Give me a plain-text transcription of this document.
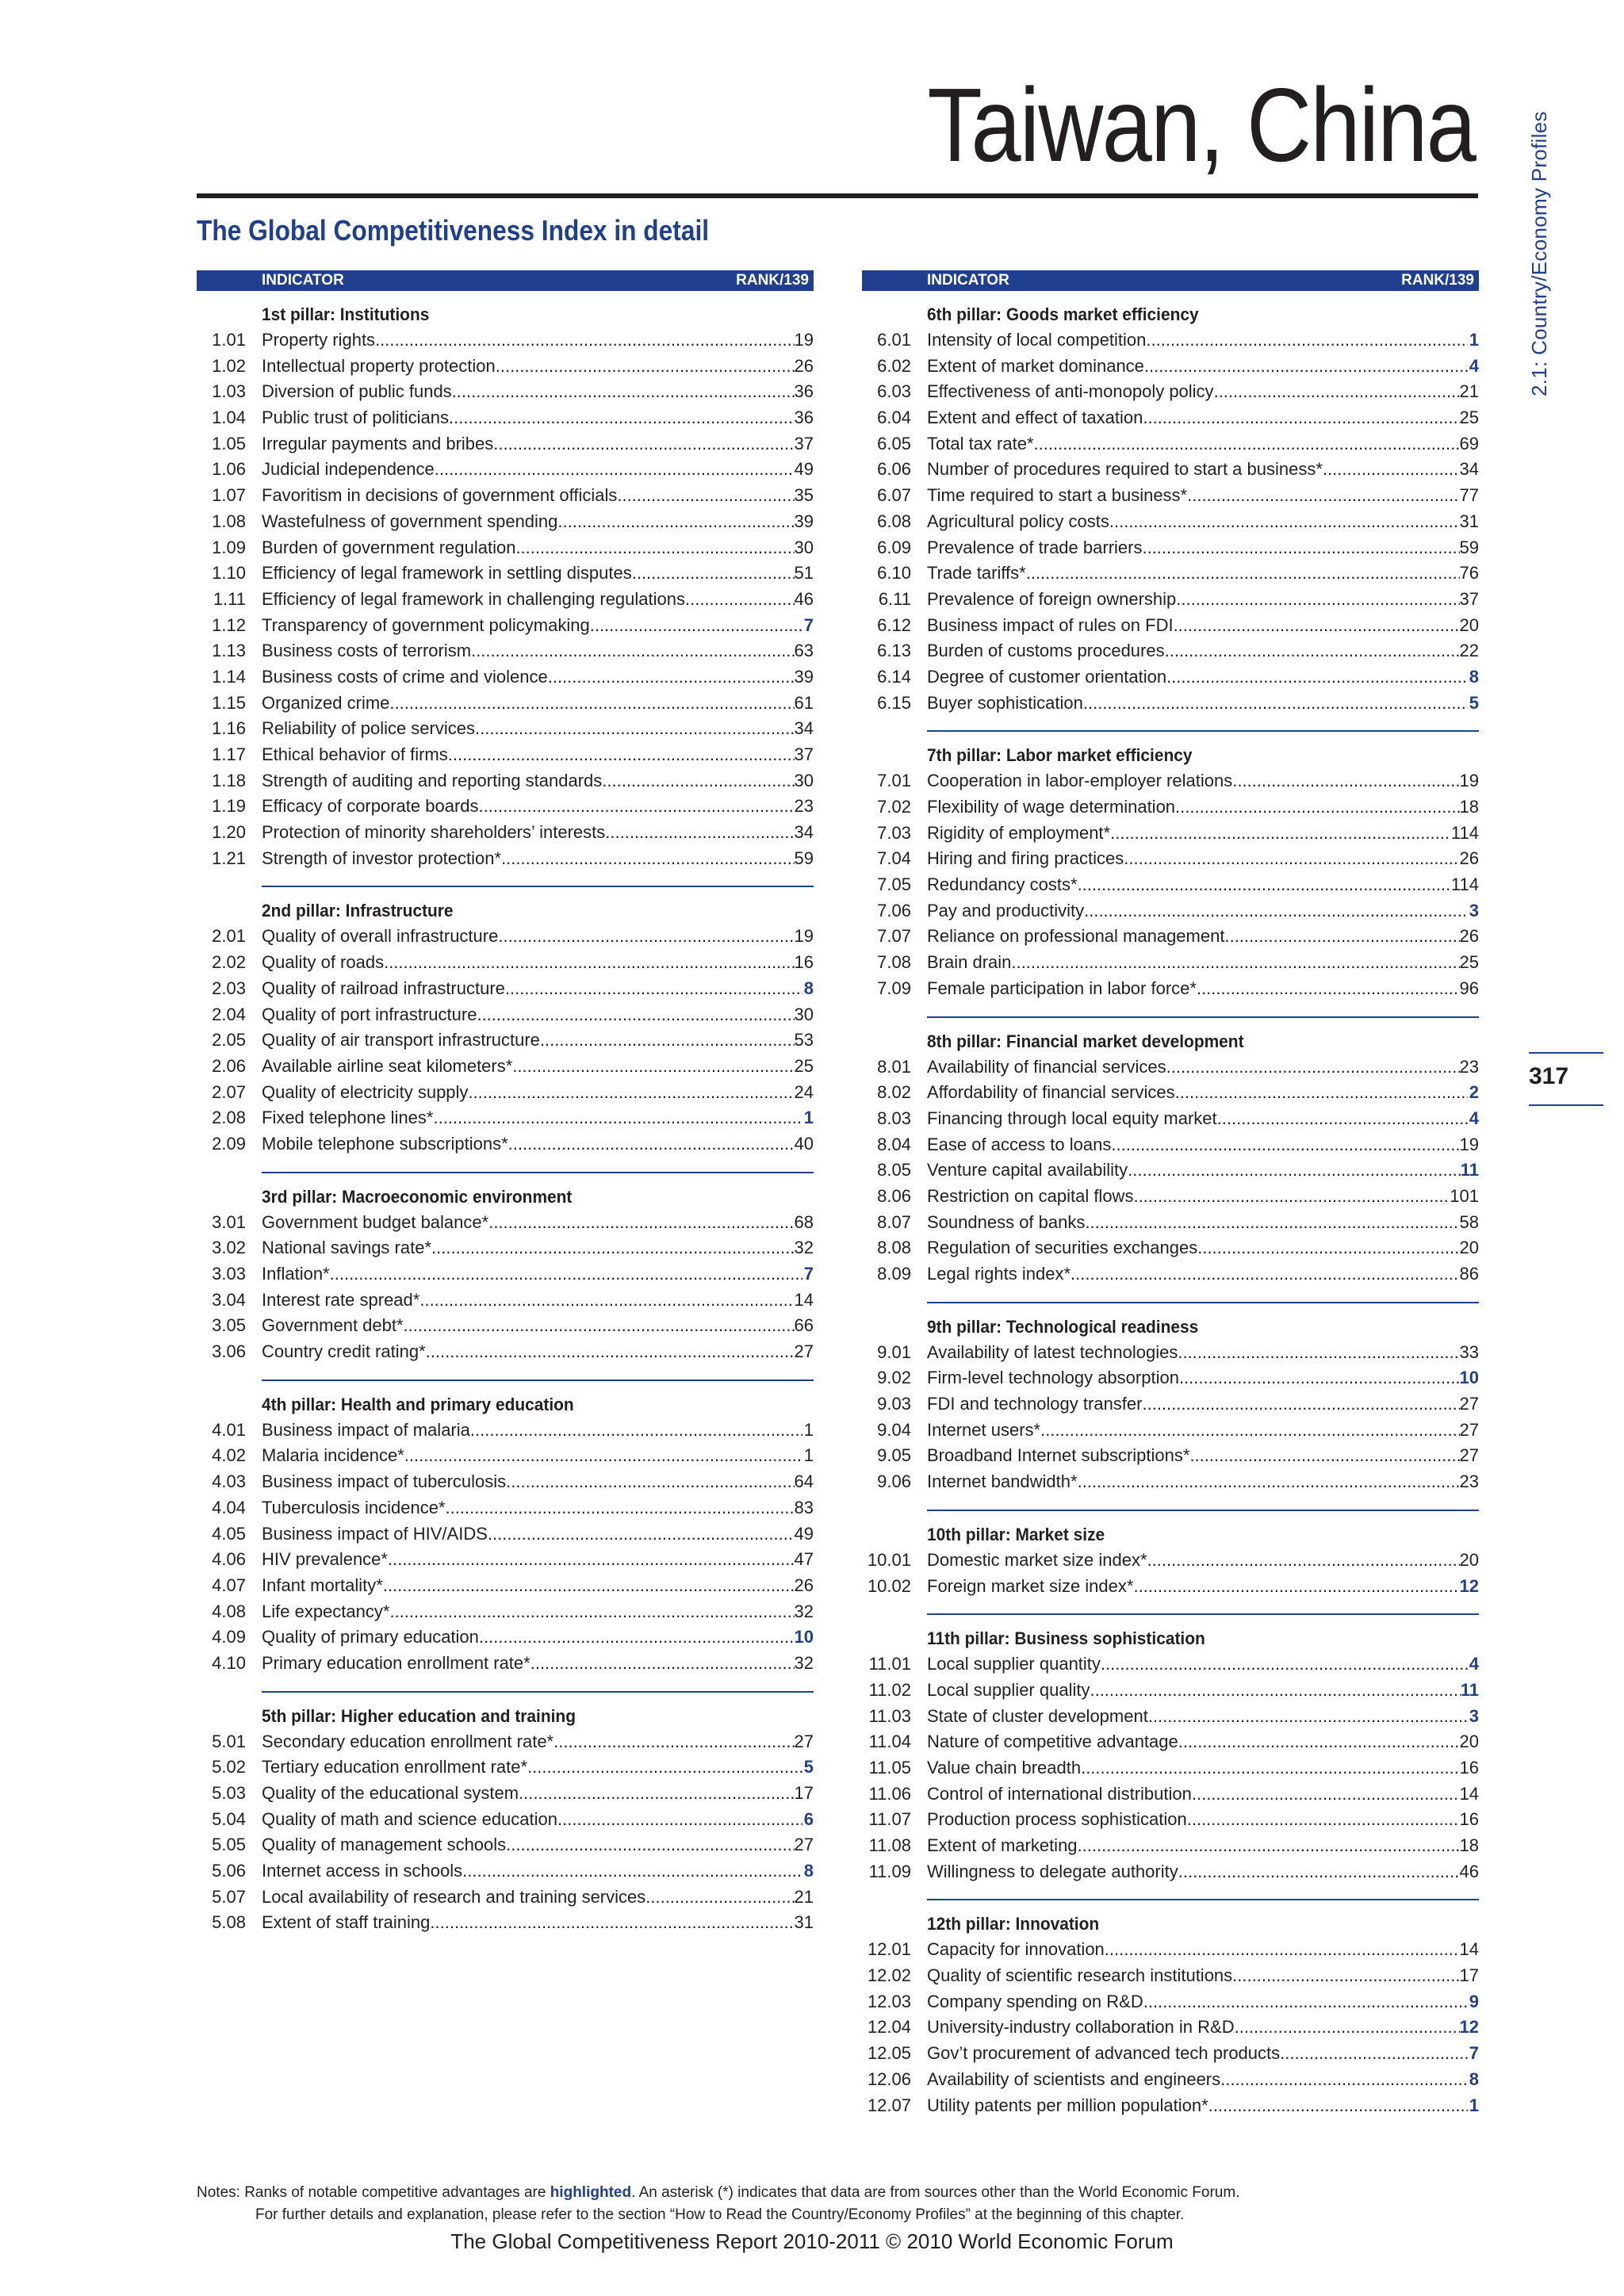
Taiwan, China
The Global Competitiveness Index in detail	2.1: Country/Economy Profiles
317
INDICATOR	RANK/139
1st pillar: Institutions
1.01 Property rights .....	19
1.02 Intellectual property protection .....	26
1.03 Diversion of public funds .....	36
1.04 Public trust of politicians .....	36
1.05 Irregular payments and bribes .....	37
1.06 Judicial independence .....	49
1.07 Favoritism in decisions of government officials .....	35
1.08 Wastefulness of government spending .....	39
1.09 Burden of government regulation .....	30
1.10 Efficiency of legal framework in settling disputes .....	51
1.11 Efficiency of legal framework in challenging regulations .....	46
1.12 Transparency of government policymaking .....	7
1.13 Business costs of terrorism .....	63
1.14 Business costs of crime and violence .....	39
1.15 Organized crime .....	61
1.16 Reliability of police services .....	34
1.17 Ethical behavior of firms .....	37
1.18 Strength of auditing and reporting standards .....	30
1.19 Efficacy of corporate boards .....	23
1.20 Protection of minority shareholders’ interests .....	34
1.21 Strength of investor protection* .....	59
2nd pillar: Infrastructure
2.01 Quality of overall infrastructure .....	19
2.02 Quality of roads .....	16
2.03 Quality of railroad infrastructure .....	8
2.04 Quality of port infrastructure .....	30
2.05 Quality of air transport infrastructure .....	53
2.06 Available airline seat kilometers* .....	25
2.07 Quality of electricity supply .....	24
2.08 Fixed telephone lines* .....	1
2.09 Mobile telephone subscriptions* .....	40
3rd pillar: Macroeconomic environment
3.01 Government budget balance* .....	68
3.02 National savings rate* .....	32
3.03 Inflation* .....	7
3.04 Interest rate spread* .....	14
3.05 Government debt* .....	66
3.06 Country credit rating* .....	27
4th pillar: Health and primary education
4.01 Business impact of malaria .....	1
4.02 Malaria incidence* .....	1
4.03 Business impact of tuberculosis .....	64
4.04 Tuberculosis incidence* .....	83
4.05 Business impact of HIV/AIDS .....	49
4.06 HIV prevalence* .....	47
4.07 Infant mortality* .....	26
4.08 Life expectancy* .....	32
4.09 Quality of primary education .....	10
4.10 Primary education enrollment rate* .....	32
5th pillar: Higher education and training
5.01 Secondary education enrollment rate* .....	27
5.02 Tertiary education enrollment rate* .....	5
5.03 Quality of the educational system .....	17
5.04 Quality of math and science education .....	6
5.05 Quality of management schools .....	27
5.06 Internet access in schools .....	8
5.07 Local availability of research and training services .....	21
5.08 Extent of staff training .....	31
INDICATOR	RANK/139
6th pillar: Goods market efficiency
6.01 Intensity of local competition .....	1
6.02 Extent of market dominance .....	4
6.03 Effectiveness of anti-monopoly policy .....	21
6.04 Extent and effect of taxation .....	25
6.05 Total tax rate* .....	69
6.06 Number of procedures required to start a business* .....	34
6.07 Time required to start a business* .....	77
6.08 Agricultural policy costs .....	31
6.09 Prevalence of trade barriers .....	59
6.10 Trade tariffs* .....	76
6.11 Prevalence of foreign ownership .....	37
6.12 Business impact of rules on FDI .....	20
6.13 Burden of customs procedures .....	22
6.14 Degree of customer orientation .....	8
6.15 Buyer sophistication .....	5
7th pillar: Labor market efficiency
7.01 Cooperation in labor-employer relations .....	19
7.02 Flexibility of wage determination .....	18
7.03 Rigidity of employment* .....	114
7.04 Hiring and firing practices .....	26
7.05 Redundancy costs* .....	114
7.06 Pay and productivity .....	3
7.07 Reliance on professional management .....	26
7.08 Brain drain .....	25
7.09 Female participation in labor force* .....	96
8th pillar: Financial market development
8.01 Availability of financial services .....	23
8.02 Affordability of financial services .....	2
8.03 Financing through local equity market .....	4
8.04 Ease of access to loans .....	19
8.05 Venture capital availability .....	11
8.06 Restriction on capital flows .....	101
8.07 Soundness of banks .....	58
8.08 Regulation of securities exchanges .....	20
8.09 Legal rights index* .....	86
9th pillar: Technological readiness
9.01 Availability of latest technologies .....	33
9.02 Firm-level technology absorption .....	10
9.03 FDI and technology transfer .....	27
9.04 Internet users* .....	27
9.05 Broadband Internet subscriptions* .....	27
9.06 Internet bandwidth* .....	23
10th pillar: Market size
10.01 Domestic market size index* .....	20
10.02 Foreign market size index* .....	12
11th pillar: Business sophistication
11.01 Local supplier quantity .....	4
11.02 Local supplier quality .....	11
11.03 State of cluster development .....	3
11.04 Nature of competitive advantage .....	20
11.05 Value chain breadth .....	16
11.06 Control of international distribution .....	14
11.07 Production process sophistication .....	16
11.08 Extent of marketing .....	18
11.09 Willingness to delegate authority .....	46
12th pillar: Innovation
12.01 Capacity for innovation .....	14
12.02 Quality of scientific research institutions .....	17
12.03 Company spending on R&D .....	9
12.04 University-industry collaboration in R&D .....	12
12.05 Gov’t procurement of advanced tech products .....	7
12.06 Availability of scientists and engineers .....	8
12.07 Utility patents per million population* .....	1
Notes: Ranks of notable competitive advantages are highlighted. An asterisk (*) indicates that data are from sources other than the World Economic Forum.
For further details and explanation, please refer to the section “How to Read the Country/Economy Profiles” at the beginning of this chapter.
The Global Competitiveness Report 2010-2011 © 2010 World Economic Forum
